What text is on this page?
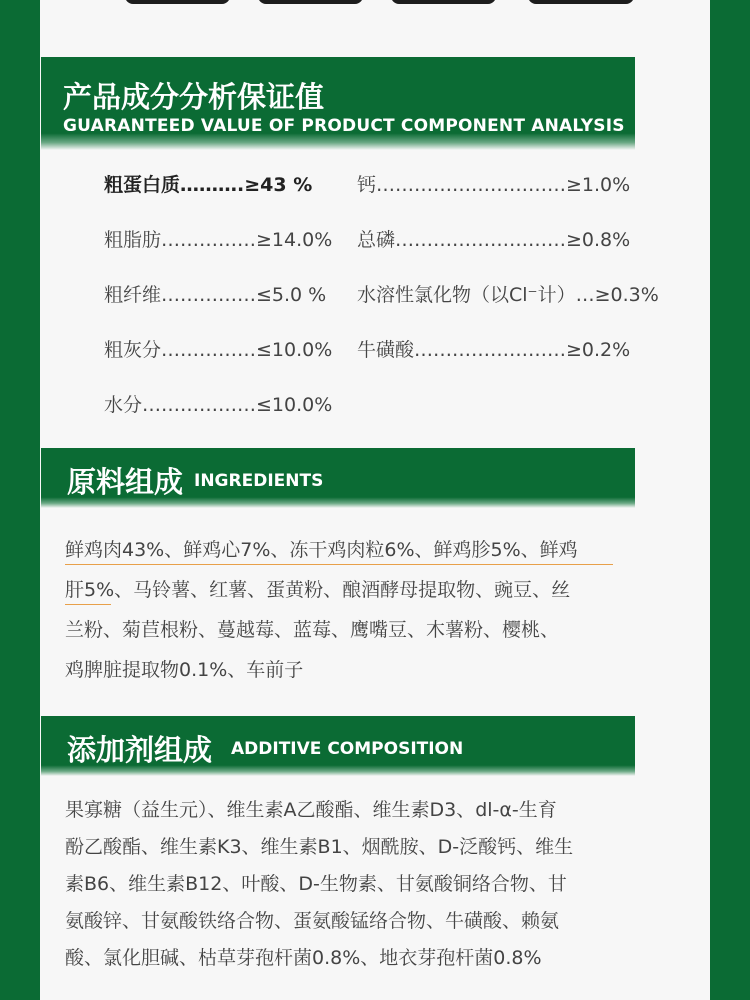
产品成分分析保证值
GUARANTEED VALUE OF PRODUCT COMPONENT ANALYSIS
粗蛋白质……….≥43 %
粗脂肪……………≥14.0%
粗纤维……………≤5.0 %
粗灰分……………≤10.0%
水分………………≤10.0%
钙…………………………≥1.0%
总磷………………………≥0.8%
水溶性氯化物（以Cl⁻计）…≥0.3%
牛磺酸……………………≥0.2%
原料组成 INGREDIENTS
鲜鸡肉43%、鲜鸡心7%、冻干鸡肉粒6%、鲜鸡胗5%、鲜鸡
肝5%、马铃薯、红薯、蛋黄粉、酿酒酵母提取物、豌豆、丝
兰粉、菊苣根粉、蔓越莓、蓝莓、鹰嘴豆、木薯粉、樱桃、
鸡脾脏提取物0.1%、车前子
添加剂组成 ADDITIVE COMPOSITION
果寡糖（益生元）、维生素A乙酸酯、维生素D3、dl-α-生育
酚乙酸酯、维生素K3、维生素B1、烟酰胺、D-泛酸钙、维生
素B6、维生素B12、叶酸、D-生物素、甘氨酸铜络合物、甘
氨酸锌、甘氨酸铁络合物、蛋氨酸锰络合物、牛磺酸、赖氨
酸、氯化胆碱、枯草芽孢杆菌0.8%、地衣芽孢杆菌0.8%
